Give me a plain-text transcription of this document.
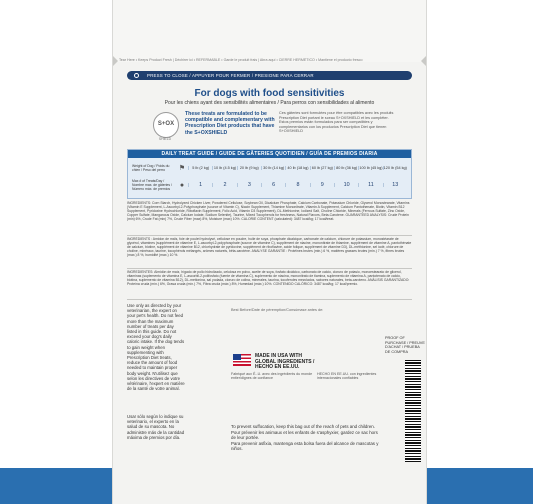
Tear Here • Keeps Product Fresh | Déchirer ici • REFERMABLE • Garde le produit frais | Abra aquí • CIERRE HERMÉTICO • Mantiene el producto fresco
PRESS TO CLOSE / APPUYER POUR FERMER / PRESIONE PARA CERRAR
For dogs with food sensitivities
Pour les chiens ayant des sensibilités alimentaires / Para perros con sensibilidades al alimento
S+OX
SHIELD
These treats are formulated to be compatible and complementary with Prescription Diet products that have the S+OXSHIELD
Ces gâteries sont formulées pour être compatibles avec les produits Prescription Diet portant le sceau S+OXSHIELD et les compléter. Estos premios están formulados para ser compatibles y complementarios con los productos Prescription Diet que tienen S+OXSHIELD
DAILY TREAT GUIDE / GUIDE DE GÂTERIES QUOTIDIEN / GUÍA DE PREMIOS DIARIA
Weight of Dog / Poids du chien / Peso del perro	⚑	5 lb (2 kg)	10 lb (4.5 kg) 20 lb (9 kg)	30 lb (14 kg) 40 lb (18 kg) 60 lb (27 kg) 80 lb (36 kg) 100 lb (45 kg) 120 lb (54 kg)
Max # of Treats/Day / Nombre max. de gâteries / Número máx. de premios
●	1	2	3	6	8	9	10	11	13
INGREDIENTS: Corn Starch, Hydrolyzed Chicken Liver, Powdered Cellulose, Soybean Oil, Dicalcium Phosphate, Calcium Carbonate, Potassium Chloride, Glycerol Monostearate, Vitamins (Vitamin E Supplement, L-Ascorbyl-2-Polyphosphate (source of Vitamin C), Niacin Supplement, Thiamine Mononitrate, Vitamin A Supplement, Calcium Pantothenate, Biotin, Vitamin B12 Supplement, Pyridoxine Hydrochloride, Riboflavin Supplement, Folic Acid, Vitamin D3 Supplement), DL-Methionine, Iodized Salt, Choline Chloride, Minerals (Ferrous Sulfate, Zinc Oxide, Copper Sulfate, Manganous Oxide, Calcium Iodate, Sodium Selenite), Taurine, Mixed Tocopherols for freshness, Natural Flavors, Beta-Carotene. GUARANTEED ANALYSIS: Crude Protein (min) 6%, Crude Fat (min) 7%, Crude Fiber (max) 8%, Moisture (max) 10%. CALORIE CONTENT (calculated): 3487 kcal/kg; 17 kcal/treat.
INGRÉDIENTS : Amidon de maïs, foie de poulet hydrolysé, cellulose en poudre, huile de soya, phosphate dicalcique, carbonate de calcium, chlorure de potassium, monostéarate de glycérol, vitamines (supplément de vitamine E, L-ascorbyl-2-polyphosphate (source de vitamine C), supplément de niacine, mononitrate de thiamine, supplément de vitamine A, pantothénate de calcium, biotine, supplément de vitamine B12, chlorhydrate de pyridoxine, supplément de riboflavine, acide folique, supplément de vitamine D3), DL-méthionine, sel iodé, chlorure de choline, minéraux, taurine, tocophérols mélangés, arômes naturels, bêta-carotène. ANALYSE GARANTIE : Protéines brutes (min.) 6 %, matières grasses brutes (min.) 7 %, fibres brutes (max.) 8 %, humidité (max.) 10 %.
INGREDIENTES: Almidón de maíz, hígado de pollo hidrolizado, celulosa en polvo, aceite de soya, fosfato dicálcico, carbonato de calcio, cloruro de potasio, monoestearato de glicerol, vitaminas (suplemento de vitamina E, L-ascorbil-2-polifosfato (fuente de vitamina C), suplemento de niacina, mononitrato de tiamina, suplemento de vitamina A, pantotenato de calcio, biotina, suplemento de vitamina B12), DL-metionina, sal yodada, cloruro de colina, minerales, taurina, tocoferoles mezclados, sabores naturales, beta-caroteno. ANÁLISIS GARANTIZADO: Proteína cruda (mín.) 6%, Grasa cruda (mín.) 7%, Fibra cruda (máx.) 8%, Humedad (máx.) 10%. CONTENIDO CALÓRICO: 3487 kcal/kg; 17 kcal/premio.
Use only as directed by your veterinarian, the expert on your pet's health. Do not feed more than the maximum number of treats per day listed in this guide. Do not exceed your dog's daily caloric intake. If the dog tends to gain weight when supplementing with Prescription Diet treats, reduce the amount of food needed to maintain proper body weight. N'utilisez que selon les directives de votre vétérinaire, l'expert en matière de la santé de votre animal.
Usar sólo según lo indique su veterinario, el experto en la salud de su mascota. No administre más de la cantidad máxima de premios por día.
Best Before/Date de péremption/Consúmase antes de:
MADE IN USA WITH GLOBAL INGREDIENTS / HECHO EN EE.UU.
Fabriqué aux É.-U. avec des ingrédients du monde entier/dignes de confiance
HECHO EN EE.UU. con ingredientes internacionales confiables
PROOF OF PURCHASE / PREUVE D'ACHAT / PRUEBA DE COMPRA
To prevent suffocation, keep this bag out of the reach of pets and children.
Pour prévenir les animaux et les enfants de s'asphyxier, gardez ce sac hors de leur portée.
Para prevenir asfixia, mantenga esta bolsa fuera del alcance de mascotas y niños.
